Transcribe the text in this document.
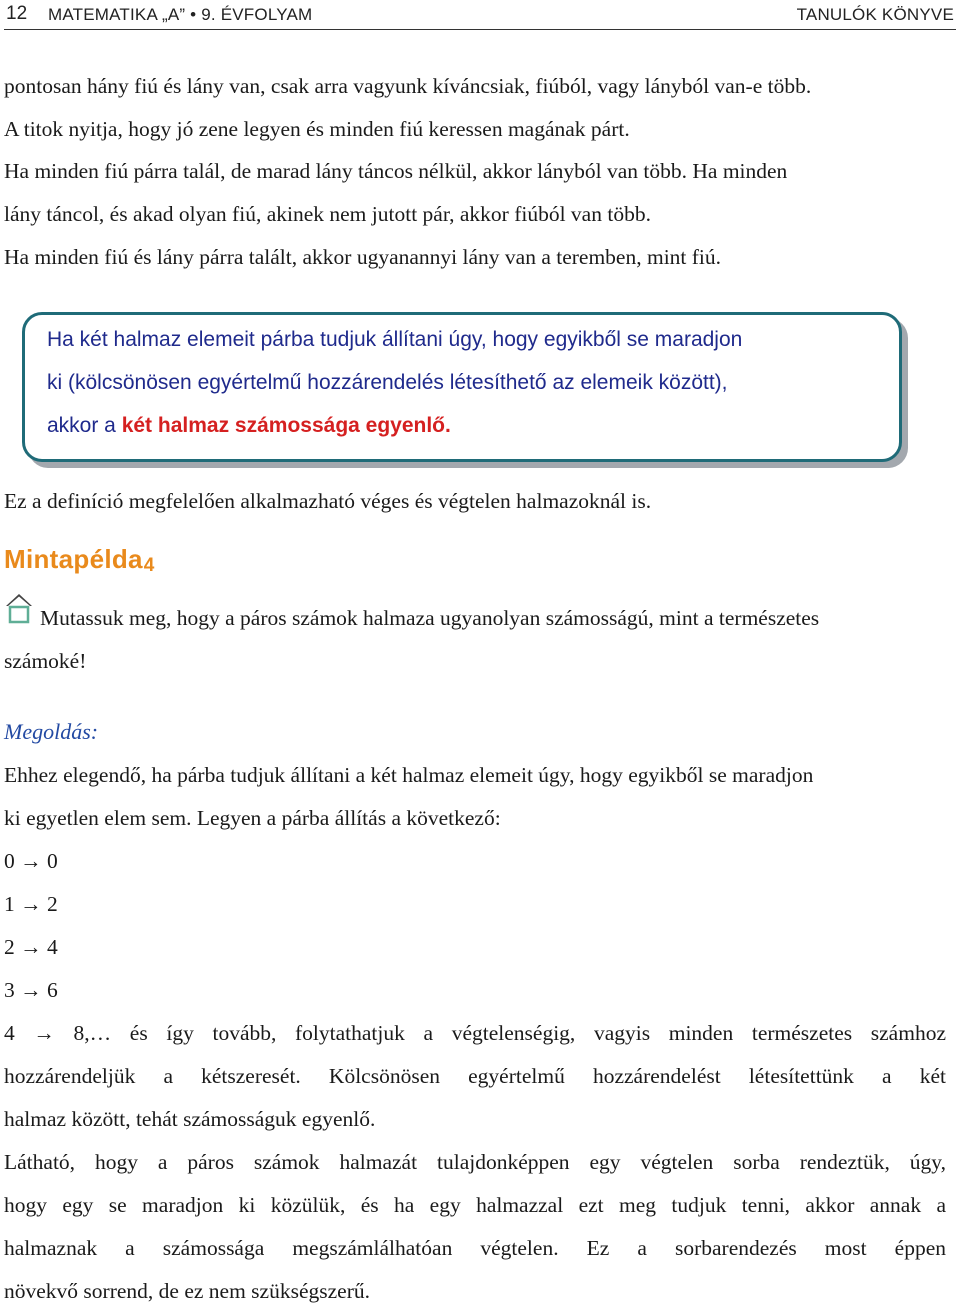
12 MATEMATIKA „A” • 9. ÉVFOLYAM	TANULÓK KÖNYVE
pontosan hány fiú és lány van, csak arra vagyunk kíváncsiak, fiúból, vagy lányból van-e több.
A titok nyitja, hogy jó zene legyen és minden fiú keressen magának párt.
Ha minden fiú párra talál, de marad lány táncos nélkül, akkor lányból van több. Ha minden
lány táncol, és akad olyan fiú, akinek nem jutott pár, akkor fiúból van több.
Ha minden fiú és lány párra talált, akkor ugyanannyi lány van a teremben, mint fiú.
Ha két halmaz elemeit párba tudjuk állítani úgy, hogy egyikből se maradjon
ki (kölcsönösen egyértelmű hozzárendelés létesíthető az elemeik között),
akkor a két halmaz számossága egyenlő.
Ez a definíció megfelelően alkalmazható véges és végtelen halmazoknál is.
Mintapélda4
Mutassuk meg, hogy a páros számok halmaza ugyanolyan számosságú, mint a természetes
számoké!
Megoldás:
Ehhez elegendő, ha párba tudjuk állítani a két halmaz elemeit úgy, hogy egyikből se maradjon
ki egyetlen elem sem. Legyen a párba állítás a következő:
0 → 0
1 → 2
2 → 4
3 → 6
4 → 8,… és így tovább, folytathatjuk a végtelenségig, vagyis minden természetes számhoz
hozzárendeljük a kétszeresét. Kölcsönösen egyértelmű hozzárendelést létesítettünk a két
halmaz között, tehát számosságuk egyenlő.
Látható, hogy a páros számok halmazát tulajdonképpen egy végtelen sorba rendeztük, úgy,
hogy egy se maradjon ki közülük, és ha egy halmazzal ezt meg tudjuk tenni, akkor annak a
halmaznak a számossága megszámlálhatóan végtelen. Ez a sorbarendezés most éppen
növekvő sorrend, de ez nem szükségszerű.
